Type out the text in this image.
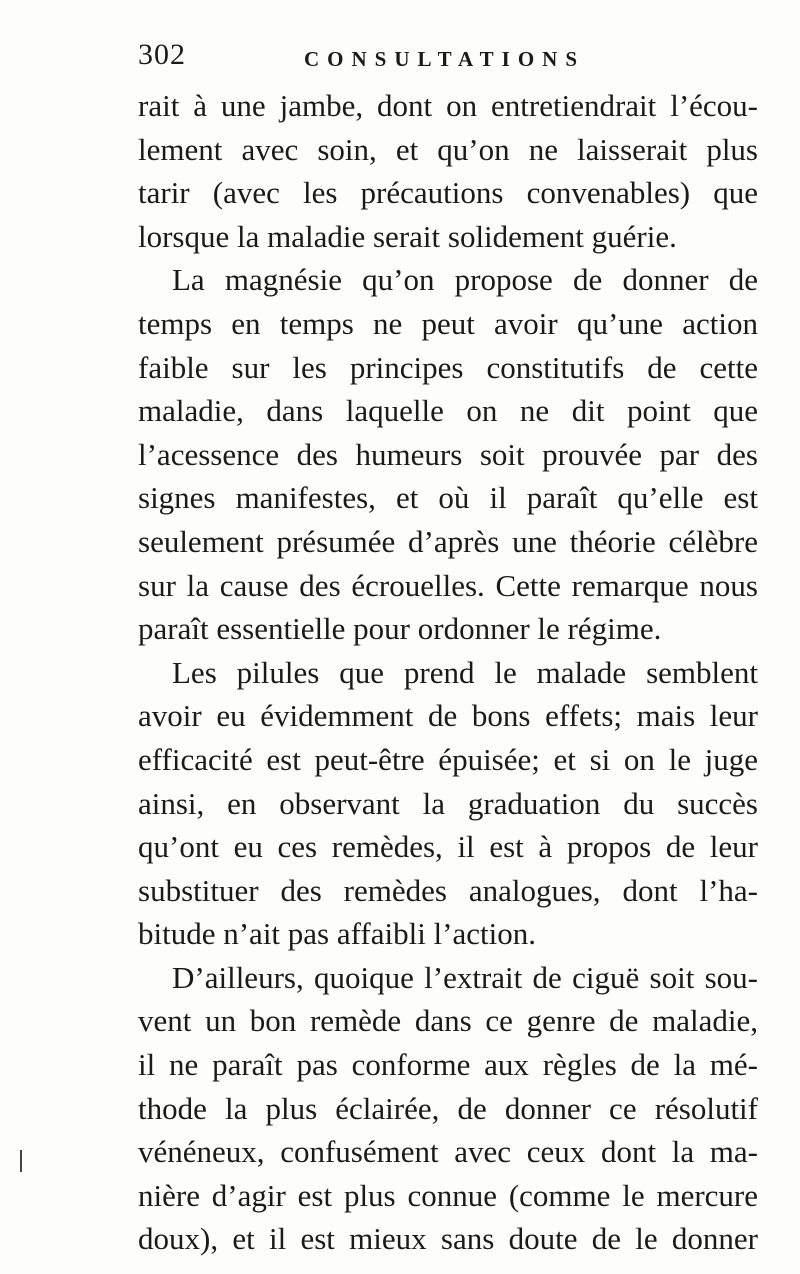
302	CONSULTATIONS
rait à une jambe, dont on entretiendrait l’écou-
lement avec soin, et qu’on ne laisserait plus
tarir (avec les précautions convenables) que
lorsque la maladie serait solidement guérie.
La magnésie qu’on propose de donner de
temps en temps ne peut avoir qu’une action
faible sur les principes constitutifs de cette
maladie, dans laquelle on ne dit point que
l’acessence des humeurs soit prouvée par des
signes manifestes, et où il paraît qu’elle est
seulement présumée d’après une théorie célèbre
sur la cause des écrouelles. Cette remarque nous
paraît essentielle pour ordonner le régime.
Les pilules que prend le malade semblent
avoir eu évidemment de bons effets; mais leur
efficacité est peut-être épuisée; et si on le juge
ainsi, en observant la graduation du succès
qu’ont eu ces remèdes, il est à propos de leur
substituer des remèdes analogues, dont l’ha-
bitude n’ait pas affaibli l’action.
D’ailleurs, quoique l’extrait de ciguë soit sou-
vent un bon remède dans ce genre de maladie,
il ne paraît pas conforme aux règles de la mé-
thode la plus éclairée, de donner ce résolutif
vénéneux, confusément avec ceux dont la ma-
nière d’agir est plus connue (comme le mercure
doux), et il est mieux sans doute de le donner
